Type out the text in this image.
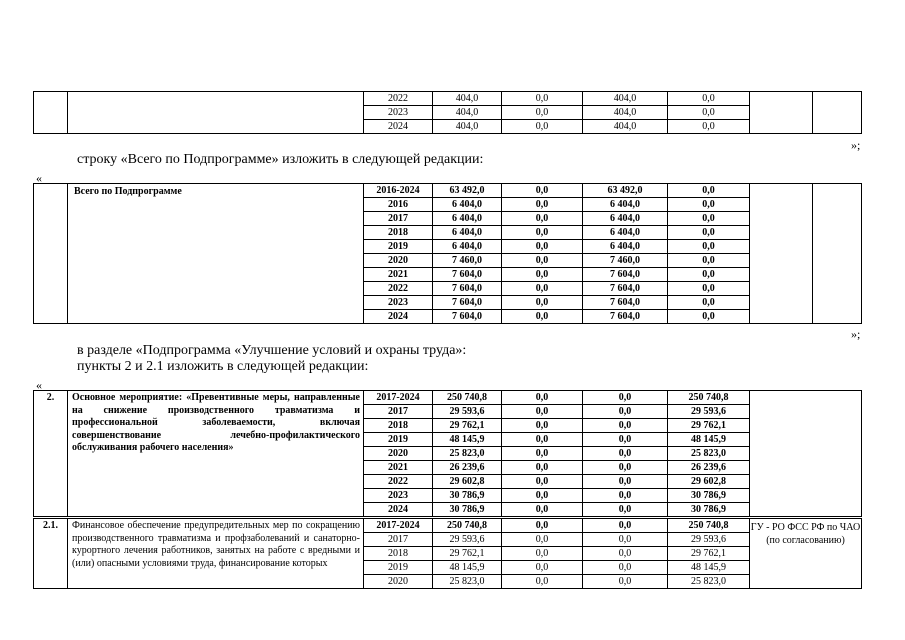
		2022	404,0	0,0	404,0	0,0		
		2023	404,0	0,0	404,0	0,0		
		2024	404,0	0,0	404,0	0,0		
»;
строку «Всего по Подпрограмме» изложить в следующей редакции:
«
	Всего по Подпрограмме	2016-2024	63 492,0	0,0	63 492,0	0,0		
		2016	6 404,0	0,0	6 404,0	0,0		
		2017	6 404,0	0,0	6 404,0	0,0		
		2018	6 404,0	0,0	6 404,0	0,0		
		2019	6 404,0	0,0	6 404,0	0,0		
		2020	7 460,0	0,0	7 460,0	0,0		
		2021	7 604,0	0,0	7 604,0	0,0		
		2022	7 604,0	0,0	7 604,0	0,0		
		2023	7 604,0	0,0	7 604,0	0,0		
		2024	7 604,0	0,0	7 604,0	0,0		
»;
в разделе «Подпрограмма «Улучшение условий и охраны труда»:
пункты 2 и 2.1 изложить в следующей редакции:
«
2.	Основное мероприятие: «Превентивные меры, направленные на снижение производственного травматизма и профессиональной заболеваемости, включая совершенствование лечебно-профилактического обслуживания рабочего населения»	2017-2024	250 740,8	0,0	0,0	250 740,8	
		2017	29 593,6	0,0	0,0	29 593,6	
		2018	29 762,1	0,0	0,0	29 762,1	
		2019	48 145,9	0,0	0,0	48 145,9	
		2020	25 823,0	0,0	0,0	25 823,0	
		2021	26 239,6	0,0	0,0	26 239,6	
		2022	29 602,8	0,0	0,0	29 602,8	
		2023	30 786,9	0,0	0,0	30 786,9	
		2024	30 786,9	0,0	0,0	30 786,9	
2.1.	Финансовое обеспечение предупредительных мер по сокращению производственного травматизма и профзаболеваний и санаторно-курортного лечения работников, занятых на работе с вредными и (или) опасными условиями труда, финансирование которых	2017-2024	250 740,8	0,0	0,0	250 740,8	ГУ - РО ФСС РФ по ЧАО (по согласованию)
		2017	29 593,6	0,0	0,0	29 593,6	
		2018	29 762,1	0,0	0,0	29 762,1	
		2019	48 145,9	0,0	0,0	48 145,9	
		2020	25 823,0	0,0	0,0	25 823,0	
